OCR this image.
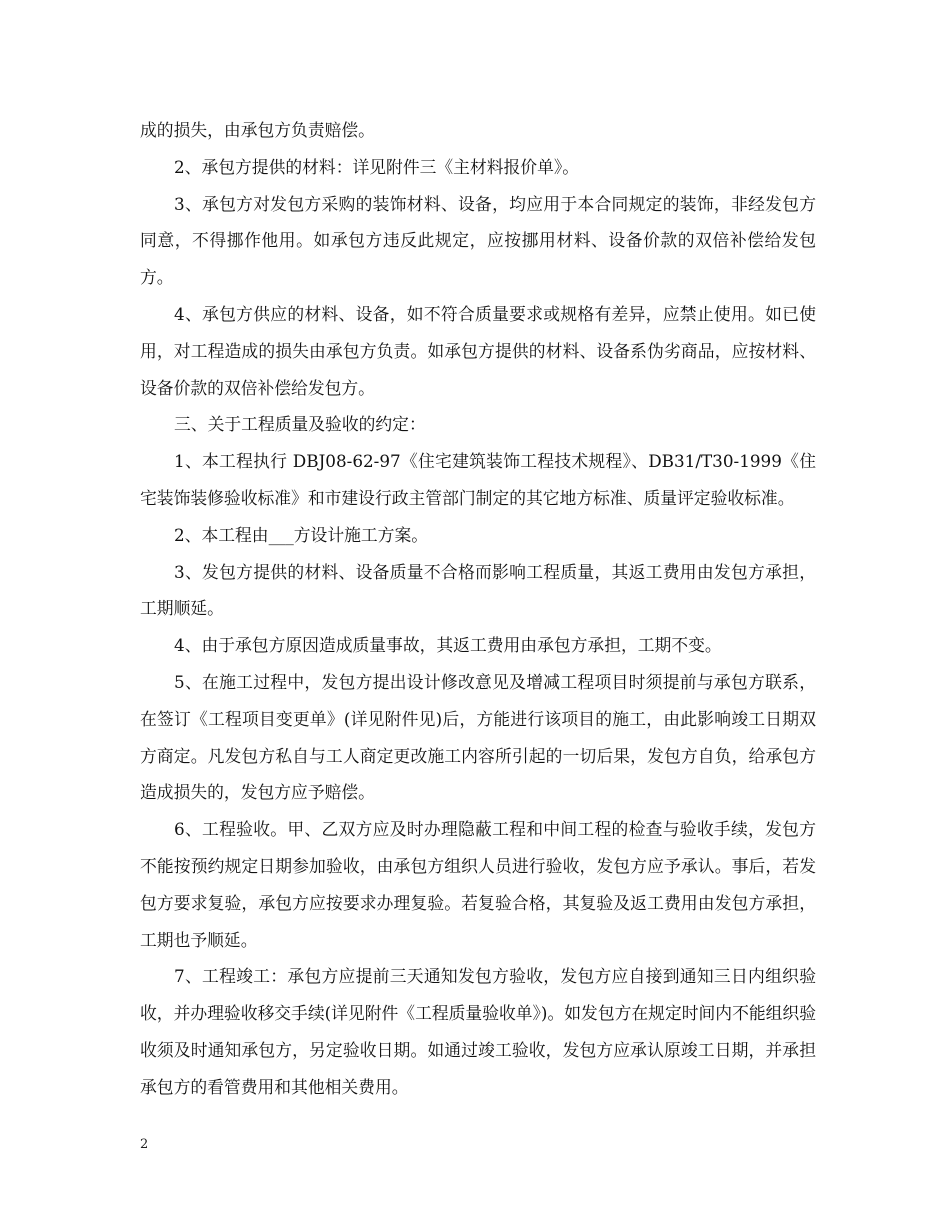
成的损失，由承包方负责赔偿。

2、承包方提供的材料：详见附件三《主材料报价单》。

3、承包方对发包方采购的装饰材料、设备，均应用于本合同规定的装饰，非经发包方同意，不得挪作他用。如承包方违反此规定，应按挪用材料、设备价款的双倍补偿给发包方。

4、承包方供应的材料、设备，如不符合质量要求或规格有差异，应禁止使用。如已使用，对工程造成的损失由承包方负责。如承包方提供的材料、设备系伪劣商品，应按材料、设备价款的双倍补偿给发包方。

三、关于工程质量及验收的约定：

1、本工程执行 DBJ08-62-97《住宅建筑装饰工程技术规程》、DB31/T30-1999《住宅装饰装修验收标准》和市建设行政主管部门制定的其它地方标准、质量评定验收标准。

2、本工程由___方设计施工方案。

3、发包方提供的材料、设备质量不合格而影响工程质量，其返工费用由发包方承担，工期顺延。

4、由于承包方原因造成质量事故，其返工费用由承包方承担，工期不变。

5、在施工过程中，发包方提出设计修改意见及增减工程项目时须提前与承包方联系，在签订《工程项目变更单》(详见附件见)后，方能进行该项目的施工，由此影响竣工日期双方商定。凡发包方私自与工人商定更改施工内容所引起的一切后果，发包方自负，给承包方造成损失的，发包方应予赔偿。

6、工程验收。甲、乙双方应及时办理隐蔽工程和中间工程的检查与验收手续，发包方不能按预约规定日期参加验收，由承包方组织人员进行验收，发包方应予承认。事后，若发包方要求复验，承包方应按要求办理复验。若复验合格，其复验及返工费用由发包方承担，工期也予顺延。

7、工程竣工：承包方应提前三天通知发包方验收，发包方应自接到通知三日内组织验收，并办理验收移交手续(详见附件《工程质量验收单》)。如发包方在规定时间内不能组织验收须及时通知承包方，另定验收日期。如通过竣工验收，发包方应承认原竣工日期，并承担承包方的看管费用和其他相关费用。

2
